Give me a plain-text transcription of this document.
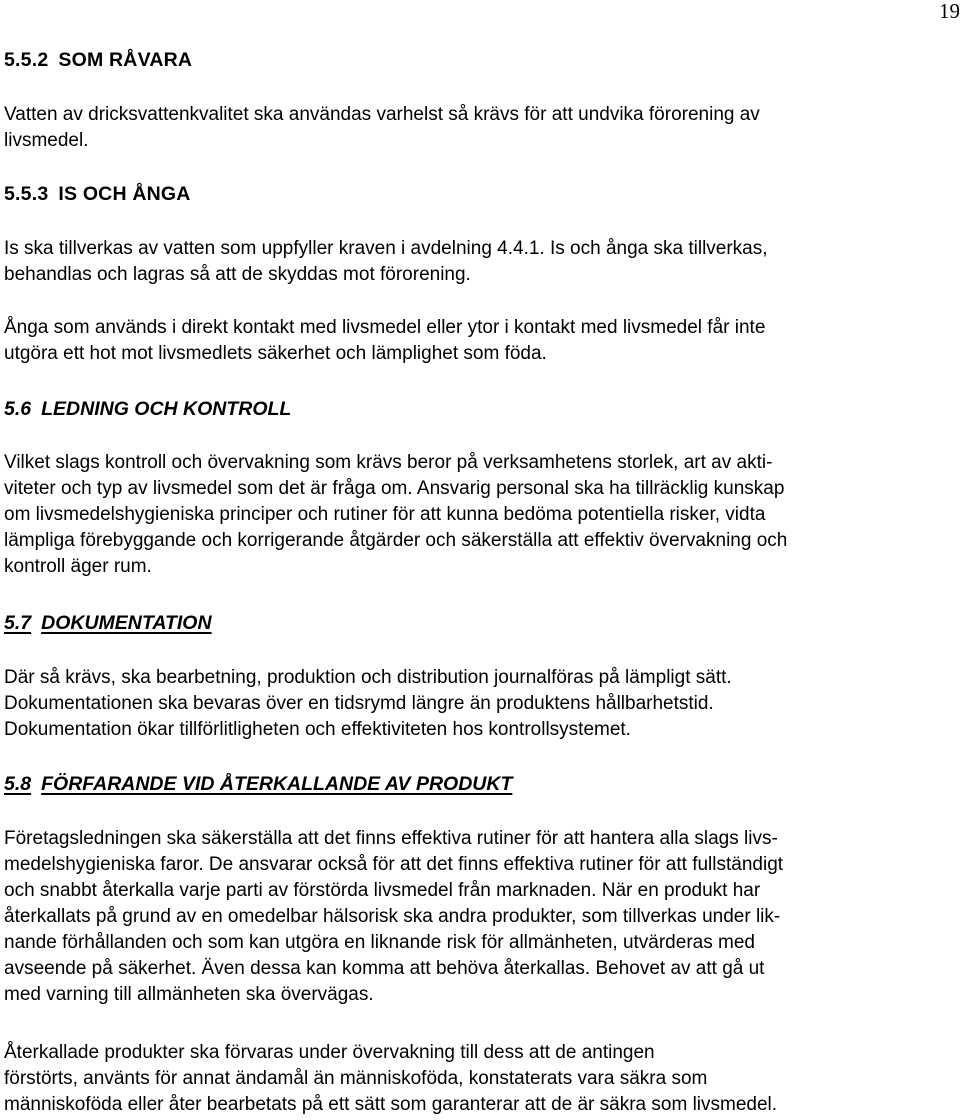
19
5.5.2 SOM RÅVARA
Vatten av dricksvattenkvalitet ska användas varhelst så krävs för att undvika förorening av
livsmedel.
5.5.3 IS OCH ÅNGA
Is ska tillverkas av vatten som uppfyller kraven i avdelning 4.4.1. Is och ånga ska tillverkas,
behandlas och lagras så att de skyddas mot förorening.
Ånga som används i direkt kontakt med livsmedel eller ytor i kontakt med livsmedel får inte
utgöra ett hot mot livsmedlets säkerhet och lämplighet som föda.
5.6 LEDNING OCH KONTROLL
Vilket slags kontroll och övervakning som krävs beror på verksamhetens storlek, art av akti-
viteter och typ av livsmedel som det är fråga om. Ansvarig personal ska ha tillräcklig kunskap
om livsmedelshygieniska principer och rutiner för att kunna bedöma potentiella risker, vidta
lämpliga förebyggande och korrigerande åtgärder och säkerställa att effektiv övervakning och
kontroll äger rum.
5.7 DOKUMENTATION
Där så krävs, ska bearbetning, produktion och distribution journalföras på lämpligt sätt.
Dokumentationen ska bevaras över en tidsrymd längre än produktens hållbarhetstid.
Dokumentation ökar tillförlitligheten och effektiviteten hos kontrollsystemet.
5.8 FÖRFARANDE VID ÅTERKALLANDE AV PRODUKT
Företagsledningen ska säkerställa att det finns effektiva rutiner för att hantera alla slags livs-
medelshygieniska faror. De ansvarar också för att det finns effektiva rutiner för att fullständigt
och snabbt återkalla varje parti av förstörda livsmedel från marknaden. När en produkt har
återkallats på grund av en omedelbar hälsorisk ska andra produkter, som tillverkas under lik-
nande förhållanden och som kan utgöra en liknande risk för allmänheten, utvärderas med
avseende på säkerhet. Även dessa kan komma att behöva återkallas. Behovet av att gå ut
med varning till allmänheten ska övervägas.
Återkallade produkter ska förvaras under övervakning till dess att de antingen
förstörts, använts för annat ändamål än människoföda, konstaterats vara säkra som
människoföda eller åter bearbetats på ett sätt som garanterar att de är säkra som livsmedel.
